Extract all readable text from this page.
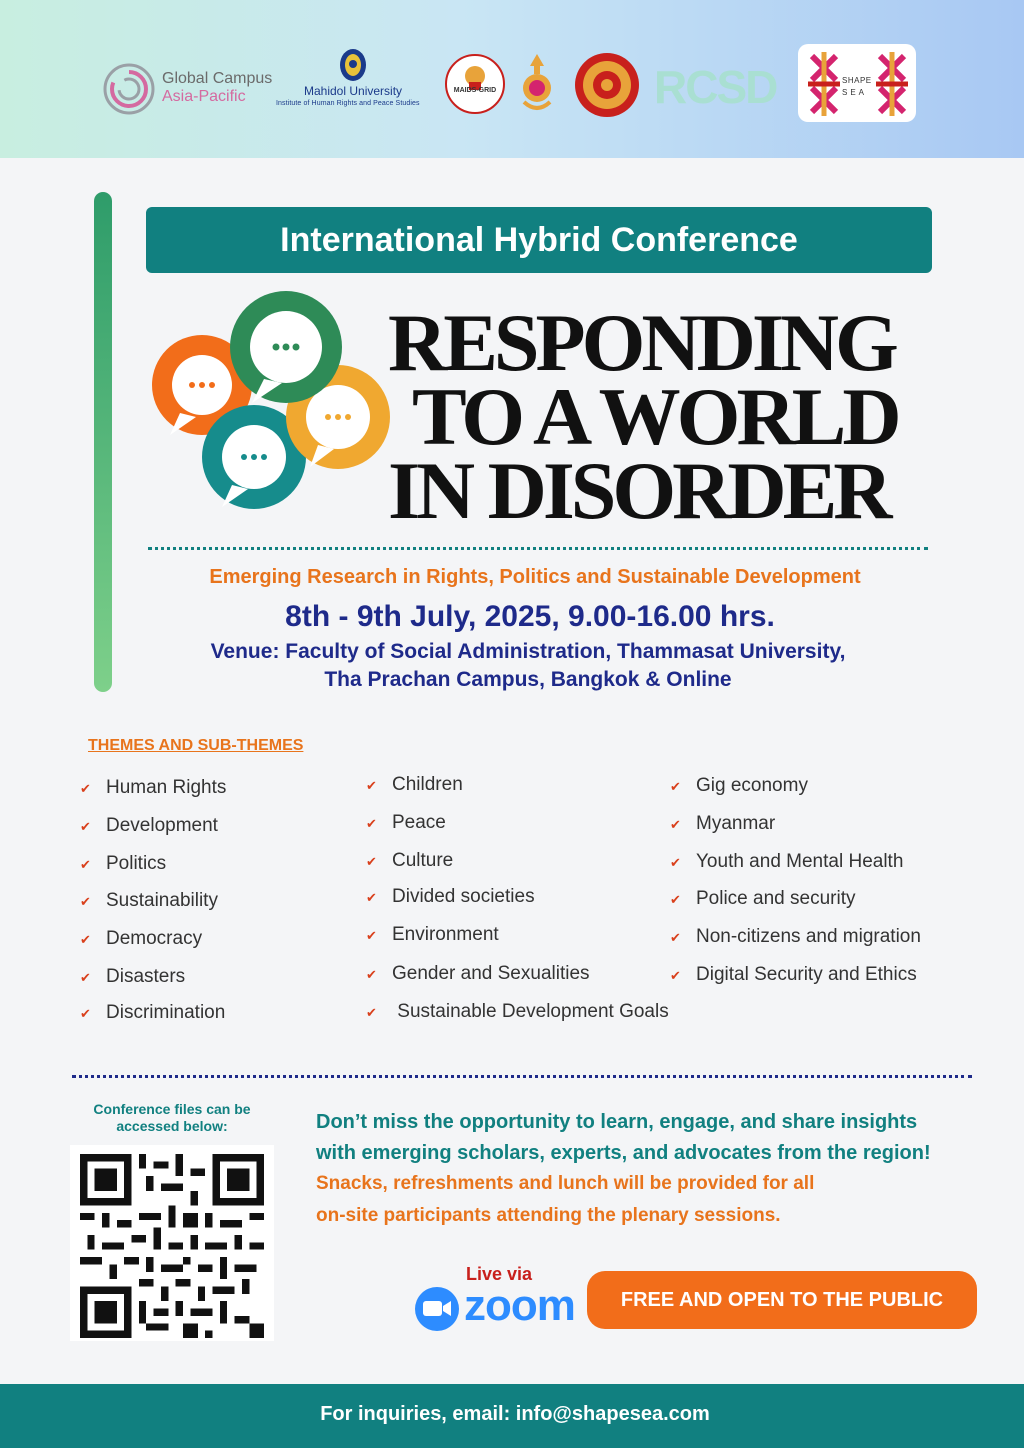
Global Campus
Asia-Pacific	Mahidol University
Institute of Human Rights and Peace Studies
MAIDS-GRID	RCSD	SHAPE
SEA
International Hybrid Conference
RESPONDING
TO A WORLD
IN DISORDER
Emerging Research in Rights, Politics and Sustainable Development
8th - 9th July, 2025, 9.00-16.00 hrs.
Venue: Faculty of Social Administration, Thammasat University,
Tha Prachan Campus, Bangkok & Online
THEMES AND SUB-THEMES
✔ Human Rights
✔ Development
✔ Politics
✔ Sustainability
✔ Democracy
✔ Disasters
✔ Discrimination
✔ Children
✔ Peace
✔ Culture
✔ Divided societies
✔ Environment
✔ Gender and Sexualities
✔ Sustainable Development Goals
✔ Gig economy
✔ Myanmar
✔ Youth and Mental Health
✔ Police and security
✔ Non-citizens and migration
✔ Digital Security and Ethics
Conference files can be
accessed below:	Don’t miss the opportunity to learn, engage, and share insights
with emerging scholars, experts, and advocates from the region!
Snacks, refreshments and lunch will be provided for all
on-site participants attending the plenary sessions.
Live via
zoom	FREE AND OPEN TO THE PUBLIC
For inquiries, email: info@shapesea.com
